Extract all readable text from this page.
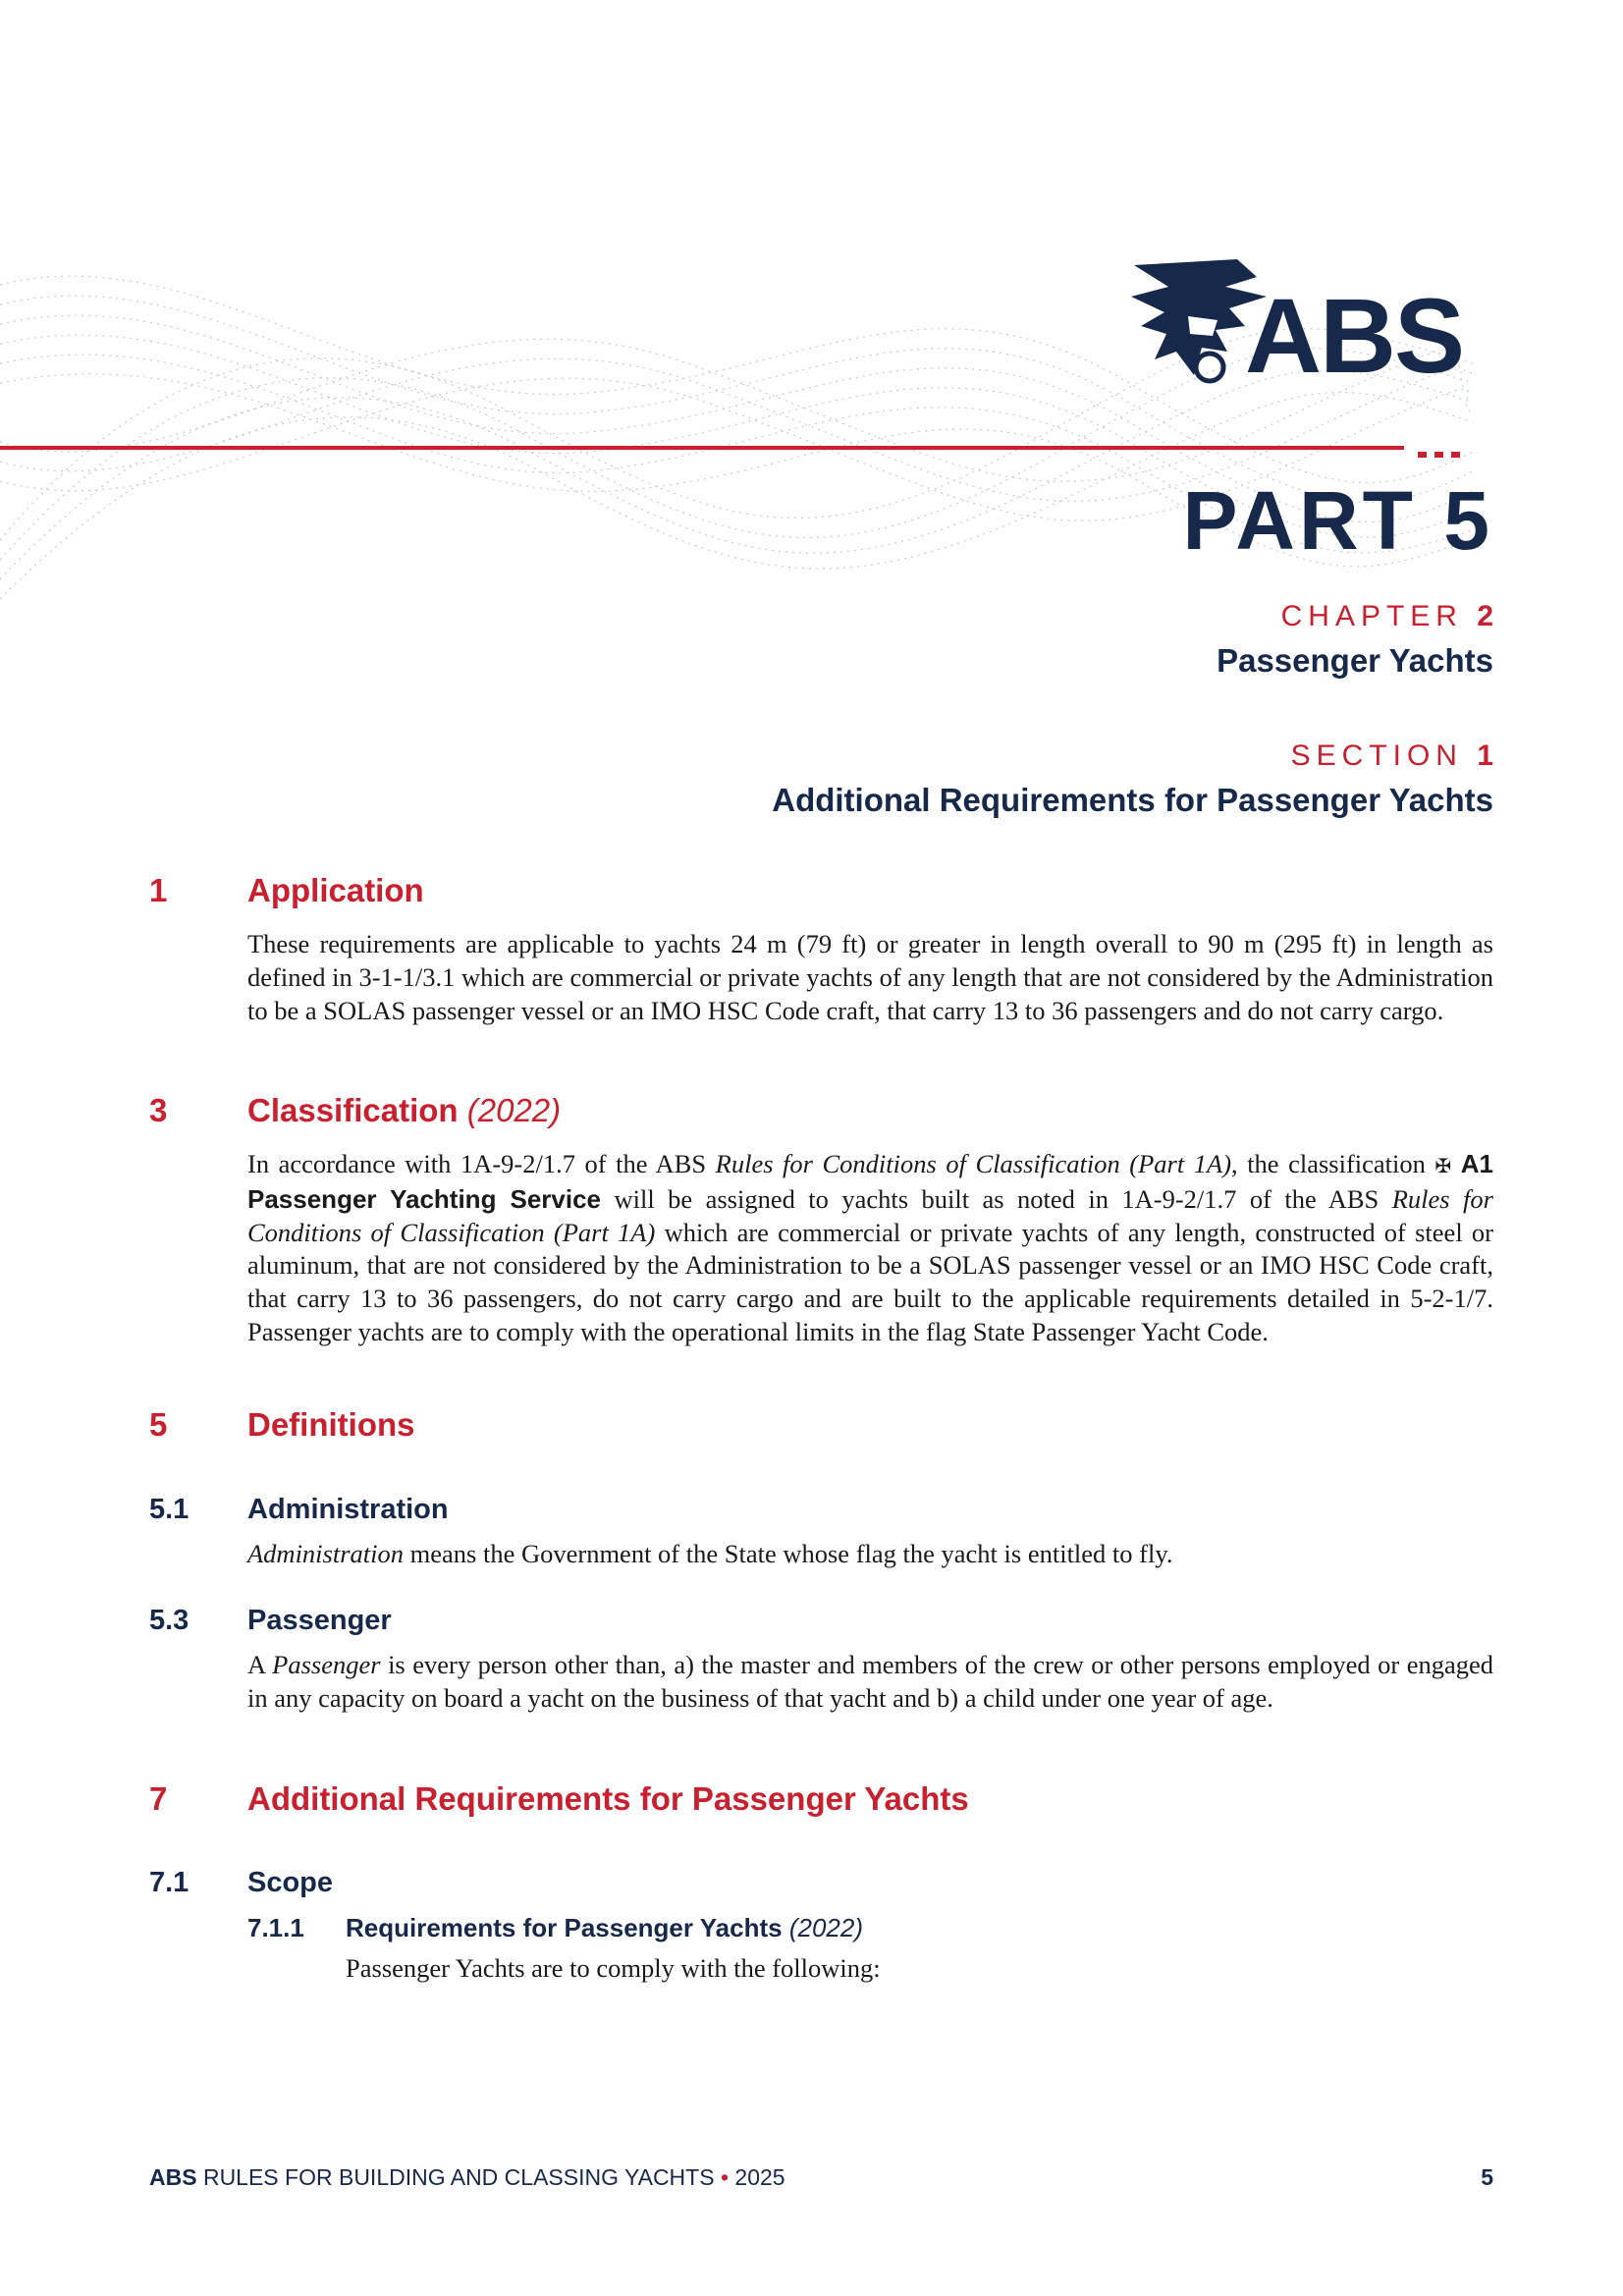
ABS
PART 5
CHAPTER 2
Passenger Yachts
SECTION 1
Additional Requirements for Passenger Yachts
1 Application
These requirements are applicable to yachts 24 m (79 ft) or greater in length overall to 90 m (295 ft) in length as defined in 3-1-1/3.1 which are commercial or private yachts of any length that are not considered by the Administration to be a SOLAS passenger vessel or an IMO HSC Code craft, that carry 13 to 36 passengers and do not carry cargo.
3 Classification (2022)
In accordance with 1A-9-2/1.7 of the ABS Rules for Conditions of Classification (Part 1A), the classification ✠ A1 Passenger Yachting Service will be assigned to yachts built as noted in 1A-9-2/1.7 of the ABS Rules for Conditions of Classification (Part 1A) which are commercial or private yachts of any length, constructed of steel or aluminum, that are not considered by the Administration to be a SOLAS passenger vessel or an IMO HSC Code craft, that carry 13 to 36 passengers, do not carry cargo and are built to the applicable requirements detailed in 5-2-1/7. Passenger yachts are to comply with the operational limits in the flag State Passenger Yacht Code.
5 Definitions
5.1 Administration
Administration means the Government of the State whose flag the yacht is entitled to fly.
5.3 Passenger
A Passenger is every person other than, a) the master and members of the crew or other persons employed or engaged in any capacity on board a yacht on the business of that yacht and b) a child under one year of age.
7 Additional Requirements for Passenger Yachts
7.1 Scope
7.1.1 Requirements for Passenger Yachts (2022)
Passenger Yachts are to comply with the following:
ABS RULES FOR BUILDING AND CLASSING YACHTS • 2025	5
